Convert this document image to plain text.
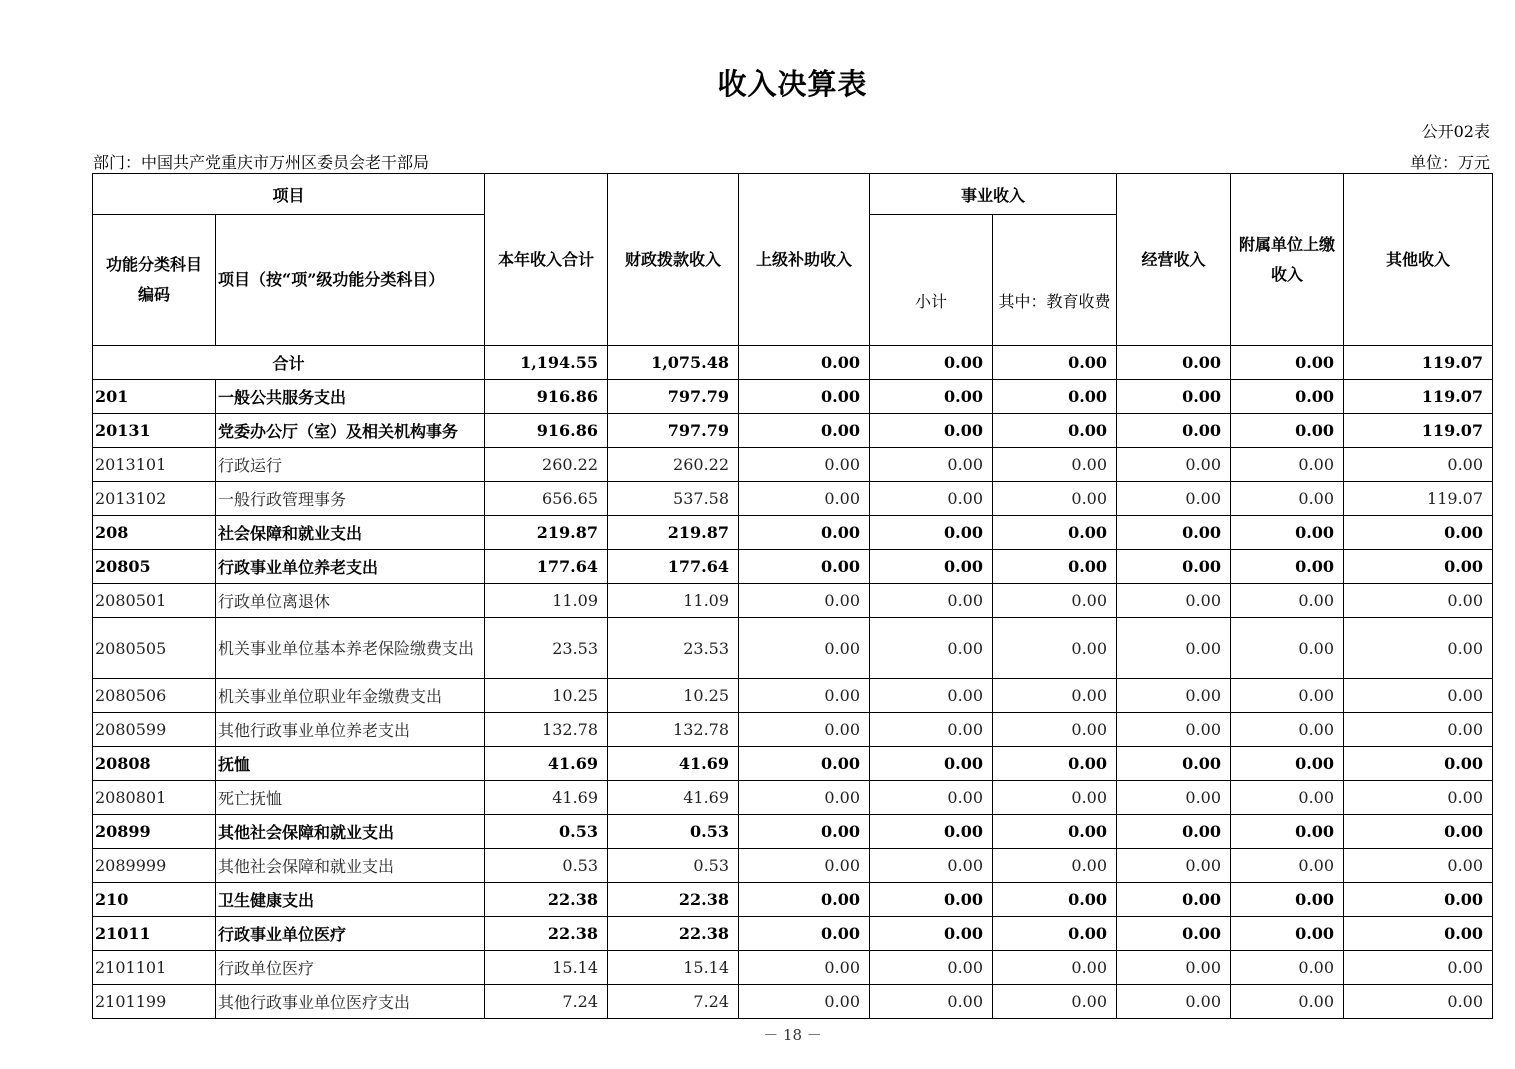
收入决算表
公开02表
部门：中国共产党重庆市万州区委员会老干部局	单位：万元
项目		本年收入合计	财政拨款收入	上级补助收入	事业收入		经营收入	附属单位上缴收入	其他收入
功能分类科目编码	项目（按“项”级功能分类科目）				小计	其中：教育收费			
合计		1,194.55	1,075.48	0.00	0.00	0.00	0.00	0.00	119.07
201	一般公共服务支出	916.86	797.79	0.00	0.00	0.00	0.00	0.00	119.07
20131	党委办公厅（室）及相关机构事务	916.86	797.79	0.00	0.00	0.00	0.00	0.00	119.07
2013101	行政运行	260.22	260.22	0.00	0.00	0.00	0.00	0.00	0.00
2013102	一般行政管理事务	656.65	537.58	0.00	0.00	0.00	0.00	0.00	119.07
208	社会保障和就业支出	219.87	219.87	0.00	0.00	0.00	0.00	0.00	0.00
20805	行政事业单位养老支出	177.64	177.64	0.00	0.00	0.00	0.00	0.00	0.00
2080501	行政单位离退休	11.09	11.09	0.00	0.00	0.00	0.00	0.00	0.00
2080505	机关事业单位基本养老保险缴费支出	23.53	23.53	0.00	0.00	0.00	0.00	0.00	0.00
2080506	机关事业单位职业年金缴费支出	10.25	10.25	0.00	0.00	0.00	0.00	0.00	0.00
2080599	其他行政事业单位养老支出	132.78	132.78	0.00	0.00	0.00	0.00	0.00	0.00
20808	抚恤	41.69	41.69	0.00	0.00	0.00	0.00	0.00	0.00
2080801	死亡抚恤	41.69	41.69	0.00	0.00	0.00	0.00	0.00	0.00
20899	其他社会保障和就业支出	0.53	0.53	0.00	0.00	0.00	0.00	0.00	0.00
2089999	其他社会保障和就业支出	0.53	0.53	0.00	0.00	0.00	0.00	0.00	0.00
210	卫生健康支出	22.38	22.38	0.00	0.00	0.00	0.00	0.00	0.00
21011	行政事业单位医疗	22.38	22.38	0.00	0.00	0.00	0.00	0.00	0.00
2101101	行政单位医疗	15.14	15.14	0.00	0.00	0.00	0.00	0.00	0.00
2101199	其他行政事业单位医疗支出	7.24	7.24	0.00	0.00	0.00	0.00	0.00	0.00
－ 18 －
